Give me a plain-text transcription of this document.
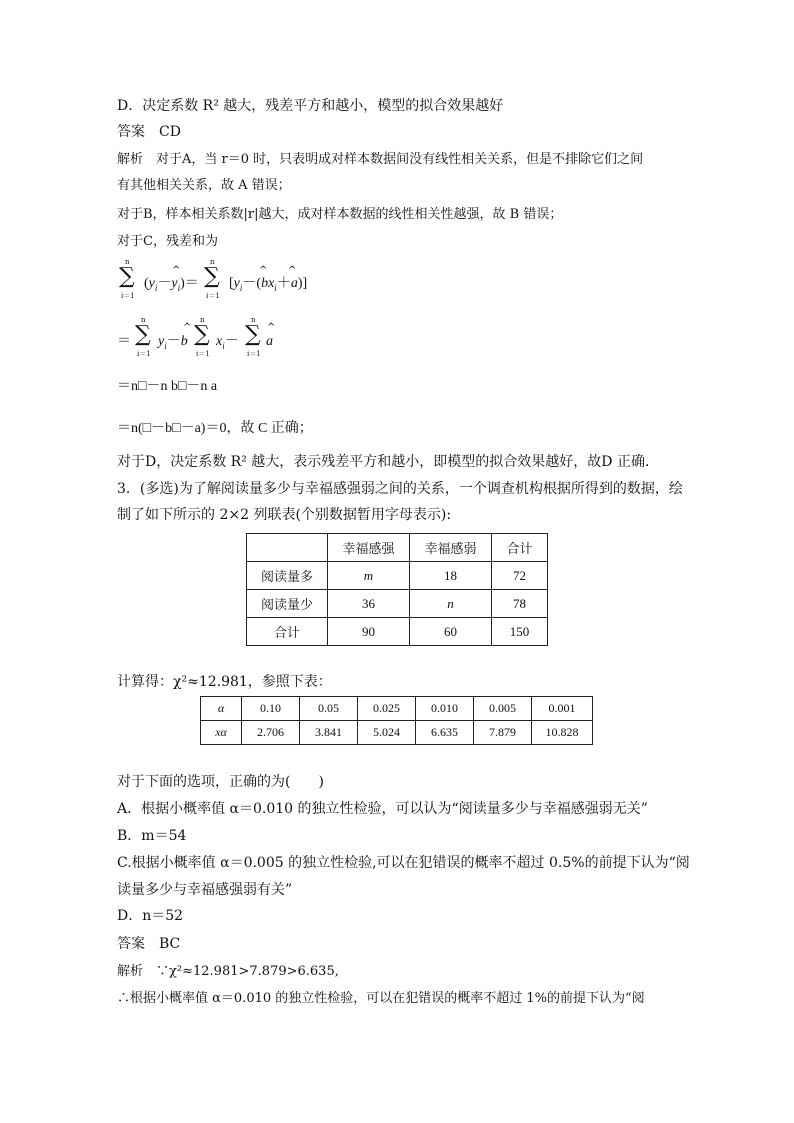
D．决定系数 R² 越大，残差平方和越小，模型的拟合效果越好
答案　 CD
解析　 对于A，当 r＝0 时，只表明成对样本数据间没有线性相关关系，但是不排除它们之间
有其他相关关系，故 A 错误；
对于B，样本相关系数|r|越大，成对样本数据的线性相关性越强，故 B 错误；
对于C，残差和为
n
∑
i＝1
$(y_i-y_i)=$
^
n
∑
i＝1
$[y_i-(bx_i+a)]$
^ ^
＝
n
∑
i＝1
$y_i-b$
^
n
∑
i＝1
$x_i-$
n
∑
i＝1
a
^
＝n□－n b□－n a
＝n(□－b□－a)＝0，故 C 正确；
对于D，决定系数 R² 越大，表示残差平方和越小，即模型的拟合效果越好，故D 正确．
3．(多选)为了解阅读量多少与幸福感强弱之间的关系，一个调查机构根据所得到的数据，绘
制了如下所示的 2×2 列联表(个别数据暂用字母表示):
	幸福感强	幸福感弱	合计
阅读量多	m	18	72
阅读量少	36	n	78
合计	90	60	150
计算得：χ²≈12.981，参照下表：
α	0.10	0.05	0.025	0.010	0.005	0.001
xα	2.706	3.841	5.024	6.635	7.879	10.828
对于下面的选项，正确的为(　　)
A．根据小概率值 α＝0.010 的独立性检验，可以认为“阅读量多少与幸福感强弱无关”
B．m＝54
C.根据小概率值 α＝0.005 的独立性检验,可以在犯错误的概率不超过 0.5%的前提下认为“阅
读量多少与幸福感强弱有关”
D．n＝52
答案　 BC
解析　 ∵χ²≈12.981>7.879>6.635,
∴根据小概率值 α＝0.010 的独立性检验，可以在犯错误的概率不超过 1%的前提下认为“阅
